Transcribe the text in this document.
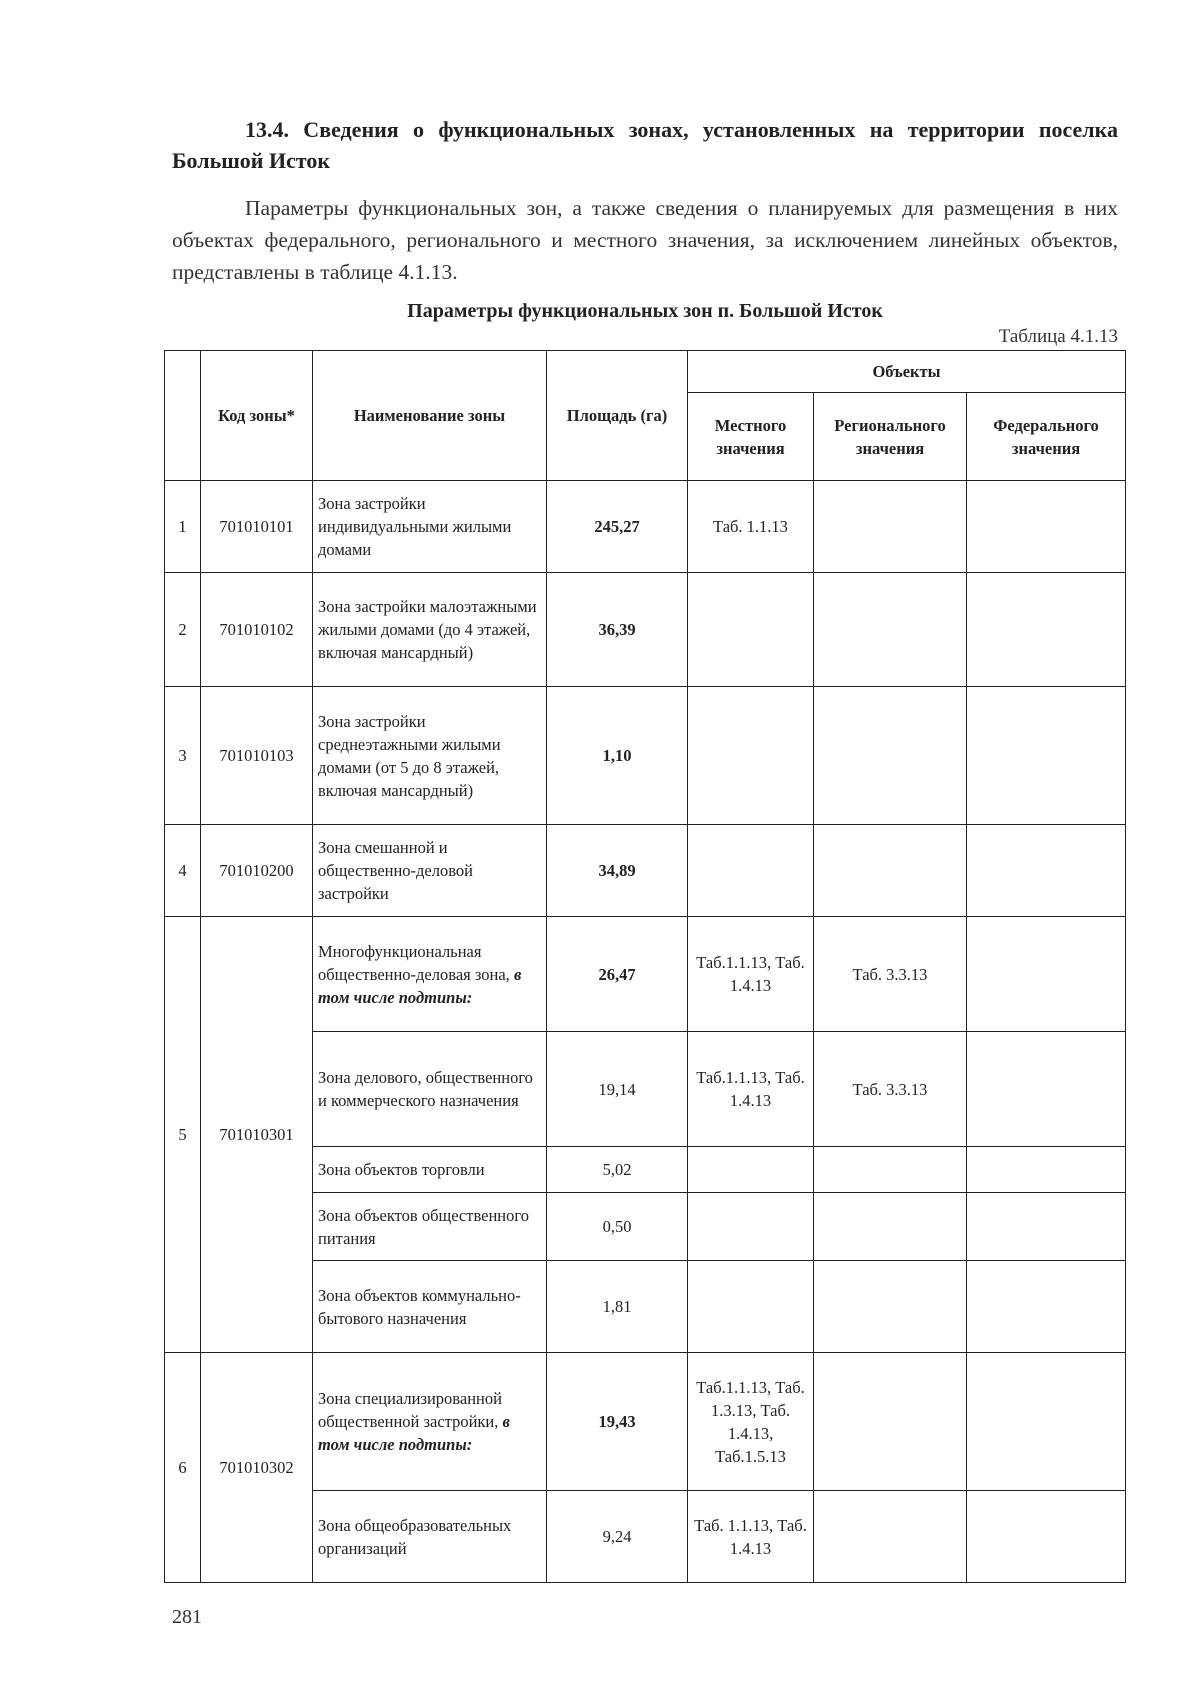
13.4. Сведения о функциональных зонах, установленных на территории поселка Большой Исток
Параметры функциональных зон, а также сведения о планируемых для размещения в них объектах федерального, регионального и местного значения, за исключением линейных объектов, представлены в таблице 4.1.13.
Параметры функциональных зон п. Большой Исток
Таблица 4.1.13
	Код зоны*	Наименование зоны	Площадь (га)	Объекты		
				Местного значения	Регионального значения	Федерального значения
1	701010101	Зона застройки индивидуальными жилыми домами	245,27	Таб. 1.1.13		
2	701010102	Зона застройки малоэтажными жилыми домами (до 4 этажей, включая мансардный)	36,39			
3	701010103	Зона застройки среднеэтажными жилыми домами (от 5 до 8 этажей, включая мансардный)	1,10			
4	701010200	Зона смешанной и общественно-деловой застройки	34,89			
5	701010301	Многофункциональная общественно-деловая зона, в том числе подтипы:	26,47	Таб.1.1.13, Таб. 1.4.13	Таб. 3.3.13	
		Зона делового, общественного и коммерческого назначения	19,14	Таб.1.1.13, Таб. 1.4.13	Таб. 3.3.13	
		Зона объектов торговли	5,02			
		Зона объектов общественного питания	0,50			
		Зона объектов коммунально-бытового назначения	1,81			
6	701010302	Зона специализированной общественной застройки, в том числе подтипы:	19,43	Таб.1.1.13, Таб. 1.3.13, Таб. 1.4.13, Таб.1.5.13		
		Зона общеобразовательных организаций	9,24	Таб. 1.1.13, Таб. 1.4.13		
281
